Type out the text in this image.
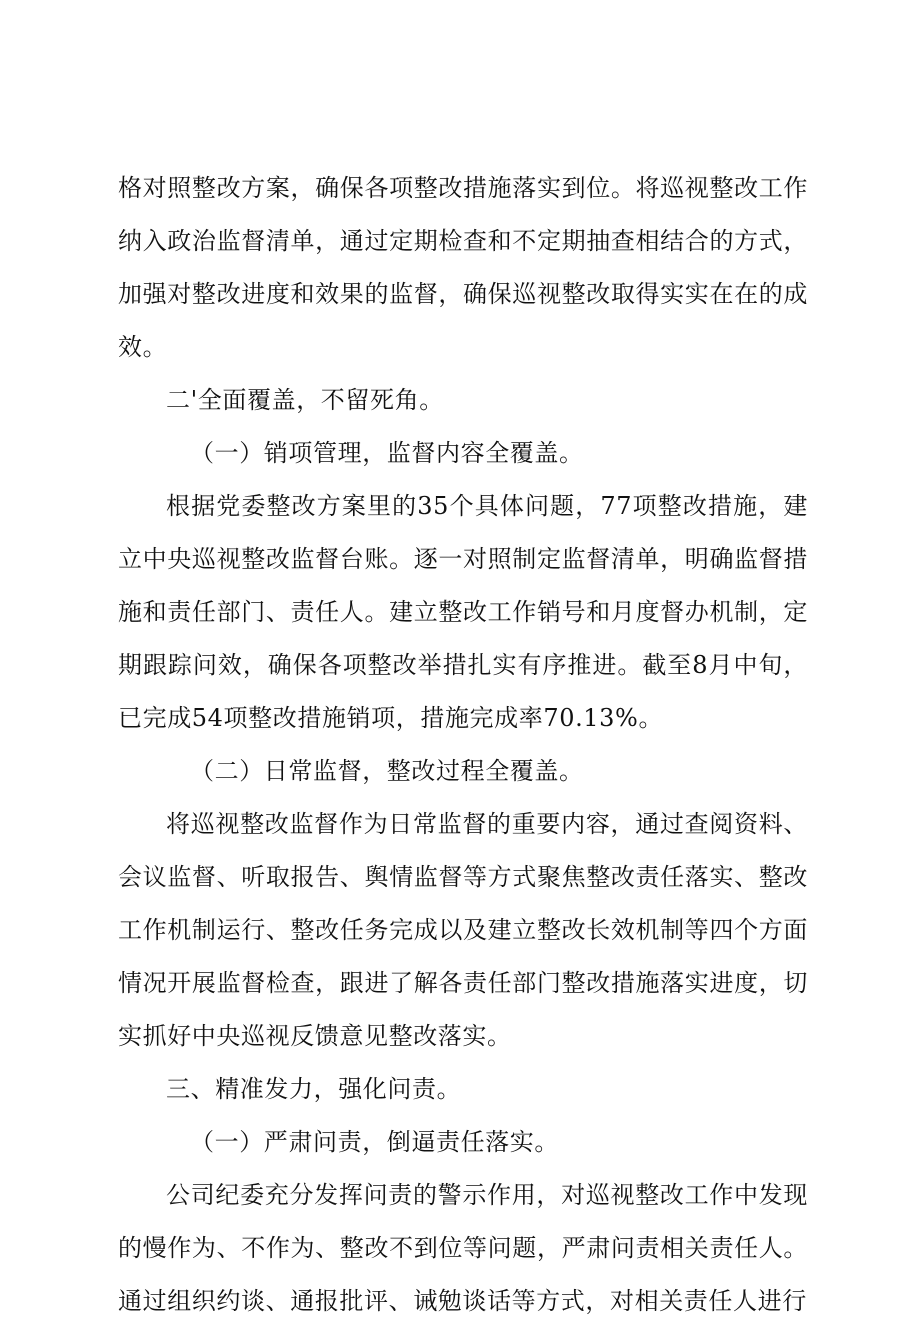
格对照整改方案，确保各项整改措施落实到位。将巡视整改工作纳入政治监督清单，通过定期检查和不定期抽查相结合的方式，加强对整改进度和效果的监督，确保巡视整改取得实实在在的成效。

二'全面覆盖，不留死角。

（一）销项管理，监督内容全覆盖。

根据党委整改方案里的35个具体问题，77项整改措施，建立中央巡视整改监督台账。逐一对照制定监督清单，明确监督措施和责任部门、责任人。建立整改工作销号和月度督办机制，定期跟踪问效，确保各项整改举措扎实有序推进。截至8月中旬，已完成54项整改措施销项，措施完成率70.13%。

（二）日常监督，整改过程全覆盖。

将巡视整改监督作为日常监督的重要内容，通过查阅资料、会议监督、听取报告、舆情监督等方式聚焦整改责任落实、整改工作机制运行、整改任务完成以及建立整改长效机制等四个方面情况开展监督检查，跟进了解各责任部门整改措施落实进度，切实抓好中央巡视反馈意见整改落实。

三、精准发力，强化问责。

（一）严肃问责，倒逼责任落实。

公司纪委充分发挥问责的警示作用，对巡视整改工作中发现的慢作为、不作为、整改不到位等问题，严肃问责相关责任人。通过组织约谈、通报批评、诫勉谈话等方式，对相关责任人进行
